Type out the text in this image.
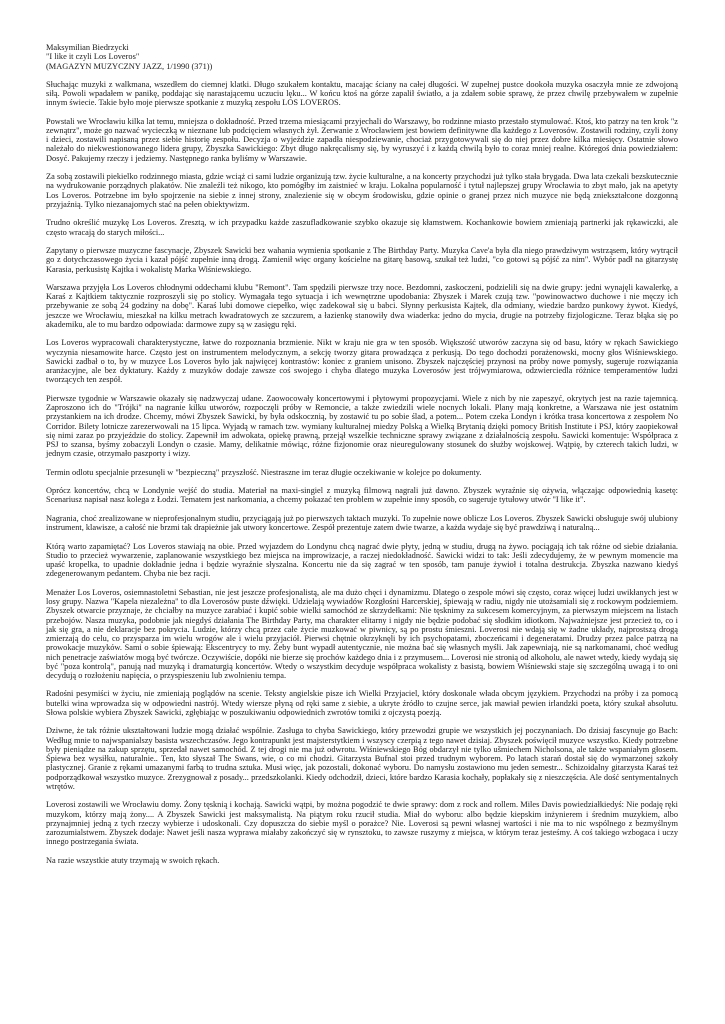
Maksymilian Biedrzycki
"I like it czyli Los Loveros"
(MAGAZYN MUZYCZNY JAZZ, 1/1990 (371))

Słuchając muzyki z walkmana, wszedłem do ciemnej klatki. Długo szukałem kontaktu, macając ściany na całej długości. W zupełnej pustce dookoła muzyka osaczyła mnie ze zdwojoną siłą. Powoli wpadałem w panikę, poddając się narastającemu uczuciu lęku... W końcu ktoś na górze zapalił światło, a ja zdałem sobie sprawę, że przez chwilę przebywałem w zupełnie innym świecie. Takie było moje pierwsze spotkanie z muzyką zespołu LOS LOVEROS.

Powstali we Wrocławiu kilka lat temu, mniejsza o dokładność. Przed trzema miesiącami przyjechali do Warszawy, bo rodzinne miasto przestało stymulować. Ktoś, kto patrzy na ten krok "z zewnątrz", może go nazwać wycieczką w nieznane lub podcięciem własnych żył. Zerwanie z Wrocławiem jest bowiem definitywne dla każdego z Loverosów. Zostawili rodziny, czyli żony i dzieci, zostawili napisaną przez siebie historię zespołu. Decyzja o wyjeździe zapadła niespodziewanie, chociaż przygotowywali się do niej przez dobre kilka miesięcy. Ostatnie słowo należało do niekwestionowanego lidera grupy, Zbyszka Sawickiego: Zbyt długo nakręcalismy się, by wyruszyć i z każdą chwilą było to coraz mniej realne. Któregoś dnia powiedziałem: Dosyć. Pakujemy rzeczy i jedziemy. Następnego ranka byliśmy w Warszawie.

Za sobą zostawili piekielko rodzinnego miasta, gdzie wciąż ci sami ludzie organizują tzw. życie kulturalne, a na koncerty przychodzi już tylko stała brygada. Dwa lata czekali bezskutecznie na wydrukowanie porządnych plakatów. Nie znaleźli też nikogo, kto pomógłby im zaistnieć w kraju. Lokalna popularność i tytuł najlepszej grupy Wrocławia to zbyt mało, jak na apetyty Los Loveros. Potrzebne im było spojrzenie na siebie z innej strony, znalezienie się w obcym środowisku, gdzie opinie o granej przez nich muzyce nie będą zniekształcone dozgonną przyjaźnią. Tylko niezanajomych stać na pełen obiektywizm.

Trudno określić muzykę Los Loveros. Zresztą, w ich przypadku każde zaszufladkowanie szybko okazuje się kłamstwem. Kochankowie bowiem zmieniają partnerki jak rękawiczki, ale często wracają do starych miłości...

Zapytany o pierwsze muzyczne fascynacje, Zbyszek Sawicki bez wahania wymienia spotkanie z The Birthday Party. Muzyka Cave'a była dla niego prawdziwym wstrząsem, który wytrącił go z dotychczasowego życia i kazał pójść zupełnie inną drogą. Zamienił więc organy kościelne na gitarę basową, szukał też ludzi, "co gotowi są pójść za nim". Wybór padł na gitarzystę Karasia, perkusistę Kajtka i wokalistę Marka Wiśniewskiego.

Warszawa przyjęła Los Loveros chłodnymi oddechami klubu "Remont". Tam spędzili pierwsze trzy noce. Bezdomni, zaskoczeni, podzielili się na dwie grupy: jedni wynajęli kawalerkę, a Karaś z Kajtkiem taktycznie rozproszyli się po stolicy. Wymagała tego sytuacja i ich wewnętrzne upodobania: Zbyszek i Marek czują tzw. "powinowactwo duchowe i nie męczy ich przebywanie ze sobą 24 godziny na dobę". Karaś lubi domowe ciepełko, więc zadekował się u babci. Słynny perkusista Kajtek, dla odmiany, wiedzie bardzo punkowy żywot. Kiedyś, jeszcze we Wrocławiu, mieszkał na kilku metrach kwadratowych ze szczurem, a łazienkę stanowiły dwa wiaderka: jedno do mycia, drugie na potrzeby fizjologiczne. Teraz błąka się po akademiku, ale to mu bardzo odpowiada: darmowe zupy są w zasięgu ręki.

Los Loveros wypracowali charakterystyczne, łatwe do rozpoznania brzmienie. Nikt w kraju nie gra w ten sposób. Większość utworów zaczyna się od basu, który w rękach Sawickiego wyczynia niesamowite harce. Często jest on instrumentem melodycznym, a sekcję tworzy gitara prowadząca z perkusją. Do tego dochodzi porażenowski, mocny głos Wiśniewskiego. Sawicki zadbał o to, by w muzyce Los Loveros było jak najwięcej kontrastów: koniec z graniem unisono. Zbyszek najczęściej przynosi na próby nowe pomysły, sugeruje rozwiązania aranżacyjne, ale bez dyktatury. Każdy z muzyków dodaje zawsze coś swojego i chyba dlatego muzyka Loverosów jest trójwymiarowa, odzwierciedla różnice temperamentów ludzi tworzących ten zespół.

Pierwsze tygodnie w Warszawie okazały się nadzwyczaj udane. Zaowocowały koncertowymi i płytowymi propozycjami. Wiele z nich by nie zapeszyć, okrytych jest na razie tajemnicą. Zaproszono ich do "Trójki" na nagranie kilku utworów, rozpoczęli próby w Remoncie, a także zwiedzili wiele nocnych lokali. Plany mają konkretne, a Warszawa nie jest ostatnim przystankiem na ich drodze. Chcemy, mówi Zbyszek Sawicki, by była odskocznią, by zostawić tu po sobie ślad, a potem... Potem czeka Londyn i krótka trasa koncertowa z zespołem No Corridor. Bilety lotnicze zarezerwowali na 15 lipca. Wyjadą w ramach tzw. wymiany kulturalnej miedzy Polską a Wielką Brytanią dzięki pomocy British Institute i PSJ, który zaopiekował się nimi zaraz po przyjeździe do stolicy. Zapewnił im adwokata, opiekę prawną, przejął wszelkie techniczne sprawy związane z działalnością zespołu. Sawicki komentuje: Współpraca z PSJ to szansa, byśmy zobaczyli Londyn o czasie. Mamy, delikatnie mówiąc, różne fizjonomie oraz nieuregulowany stosunek do służby wojskowej. Wątpię, by czterech takich ludzi, w jednym czasie, otrzymało paszporty i wizy.

Termin odlotu specjalnie przesunęli w "bezpieczną" przyszłość. Niestraszne im teraz długie oczekiwanie w kolejce po dokumenty.

Oprócz koncertów, chcą w Londynie wejść do studia. Materiał na maxi-singiel z muzyką filmową nagrali już dawno. Zbyszek wyraźnie się ożywia, włączając odpowiednią kasetę: Scenariusz napisał nasz kolega z Łodzi. Tematem jest narkomania, a chcemy pokazać ten problem w zupełnie inny sposób, co sugeruje tytułowy utwór "I like it".

Nagrania, choć zrealizowane w nieprofesjonalnym studiu, przyciągają już po pierwszych taktach muzyki. To zupełnie nowe oblicze Los Loveros. Zbyszek Sawicki obsługuje swój ulubiony instrument, klawisze, a całość nie brzmi tak drapieżnie jak utwory koncertowe. Zespół prezentuje zatem dwie twarze, a każda wydaje się być prawdziwą i naturalną...

Którą warto zapamiętać? Los Loveros stawiają na obie. Przed wyjazdem do Londynu chcą nagrać dwie płyty, jedną w studiu, drugą na żywo. pociągają ich tak różne od siebie działania. Studio to przecież wywarzenie, zaplanowanie wszystkiego bez miejsca na improwizacje, a raczej niedokładność. Sawicki widzi to tak: Jeśli zdecydujemy, że w pewnym momencie ma upaść kropelka, to upadnie dokładnie jedna i będzie wyraźnie słyszalna. Koncertu nie da się zagrać w ten sposób, tam panuje żywioł i totalna destrukcja. Zbyszka nazwano kiedyś zdegenerowanym pedantem. Chyba nie bez racji.

Menażer Los Loveros, osiemnastoletni Sebastian, nie jest jeszcze profesjonalistą, ale ma dużo chęci i dynamizmu. Dlatego o zespole mówi się często, coraz więcej ludzi uwikłanych jest w losy grupy. Nazwa "Kapela niezależna" to dla Loverosów puste dźwięki. Udzielają wywiadów Rozgłośni Harcerskiej, śpiewają w radiu, nigdy nie utożsamiali się z rockowym podziemiem. Zbyszek otwarcie przyznaje, że chciałby na muzyce zarabiać i kupić sobie wielki samochód ze skrzydełkami: Nie tęsknimy za sukcesem komercyjnym, za pierwszym miejscem na listach przebojów. Nasza muzyka, podobnie jak niegdyś działania The Birthday Party, ma charakter elitarny i nigdy nie będzie podobać się słodkim idiotkom. Najważniejsze jest przecież to, co i jak się gra, a nie deklaracje bez pokrycia. Ludzie, którzy chcą przez całe życie muzkować w piwnicy, są po prostu śmieszni. Loverosi nie wdają się w żadne układy, najprostszą drogą zmierzają do celu, co przysparza im wielu wrogów ale i wielu przyjaciół. Pierwsi chętnie okrzyknęli by ich psychopatami, zboczeńcami i degeneratami. Drudzy przez palce patrzą na prowokacje muzyków. Sami o sobie śpiewają: Ekscentrycy to my. Żeby bunt wypadł autentycznie, nie można bać się własnych myśli. Jak zapewniają, nie są narkomanami, choć według nich penetracje zaświatów mogą być twórcze. Oczywiście, dopóki nie bierze się prochów każdego dnia i z przymusem... Loverosi nie stronią od alkoholu, ale nawet wtedy, kiedy wydają się być "poza kontrolą", panują nad muzyką i dramaturgią koncertów. Wtedy o wszystkim decyduje współpraca wokalisty z basistą, bowiem Wiśniewski staje się szczególną uwagą i to oni decydują o rozłożeniu napięcia, o przyspieszeniu lub zwolnieniu tempa.

Radośni pesymiści w życiu, nie zmieniają poglądów na scenie. Teksty angielskie pisze ich Wielki Przyjaciel, który doskonale włada obcym językiem. Przychodzi na próby i za pomocą butelki wina wprowadza się w odpowiedni nastrój. Wtedy wiersze płyną od ręki same z siebie, a ukryte źródło to czujne serce, jak mawiał pewien irlandzki poeta, który szukał absolutu. Słowa polskie wybiera Zbyszek Sawicki, zgłębiając w poszukiwaniu odpowiednich zwrotów tomiki z ojczystą poezją.

Dziwne, że tak różnie ukształtowani ludzie mogą działać wspólnie. Zasługa to chyba Sawickiego, który przewodzi grupie we wszystkich jej poczynaniach. Do dzisiaj fascynuje go Bach: Według mnie to najwspanialszy basista wszechczasów. Jego kontrapunkt jest majsterstytkiem i wszyscy czerpią z tego nawet dzisiaj. Zbyszek poświęcił muzyce wszystko. Kiedy potrzebne były pieniądze na zakup sprzętu, sprzedał nawet samochód. Z tej drogi nie ma już odwrotu. Wiśniewskiego Bóg obdarzył nie tylko ušmiechem Nicholsona, ale także wspaniałym głosem. Śpiewa bez wysiłku, naturalnie.. Ten, kto słyszał The Swans, wie, o co mi chodzi. Gitarzysta Bufnal stoi przed trudnym wyborem. Po latach starań dostał się do wymarzonej szkoły plastycznej. Granie z rękami umazanymi farbą to trudna sztuka. Musi więc, jak pozostali, dokonać wyboru. Do namysłu zostawiono mu jeden semestr... Schizoidalny gitarzysta Karaś też podporządkował wszystko muzyce. Zrezygnował z posady... przedszkolanki. Kiedy odchodził, dzieci, które bardzo Karasia kochały, popłakały się z nieszczęścia. Ale dość sentymentalnych wtrętów.

Loverosi zostawili we Wrocławiu domy. Żony tęsknią i kochają. Sawicki wątpi, by można pogodzić te dwie sprawy: dom z rock and rollem. Miles Davis powiedziałkiedyś: Nie podaję ręki muzykom, którzy mają żony.... A Zbyszek Sawicki jest maksymalistą. Na piątym roku rzucił studia. Miał do wyboru: albo będzie kiepskim inżynierem i średnim muzykiem, albo przynajmniej jedną z tych rzeczy wybierze i udoskonali. Czy dopuszcza do siebie myśl o porażce? Nie. Loverosi są pewni własnej wartości i nie ma to nic wspólnego z bezmyślnym zarozumialstwem. Zbyszek dodaje: Nawet jeśli nasza wyprawa miałaby zakończyć się w rynsztoku, to zawsze ruszymy z miejsca, w którym teraz jesteśmy. A coś takiego wzbogaca i uczy innego postrzegania świata.

Na razie wszystkie atuty trzymają w swoich rękach.
